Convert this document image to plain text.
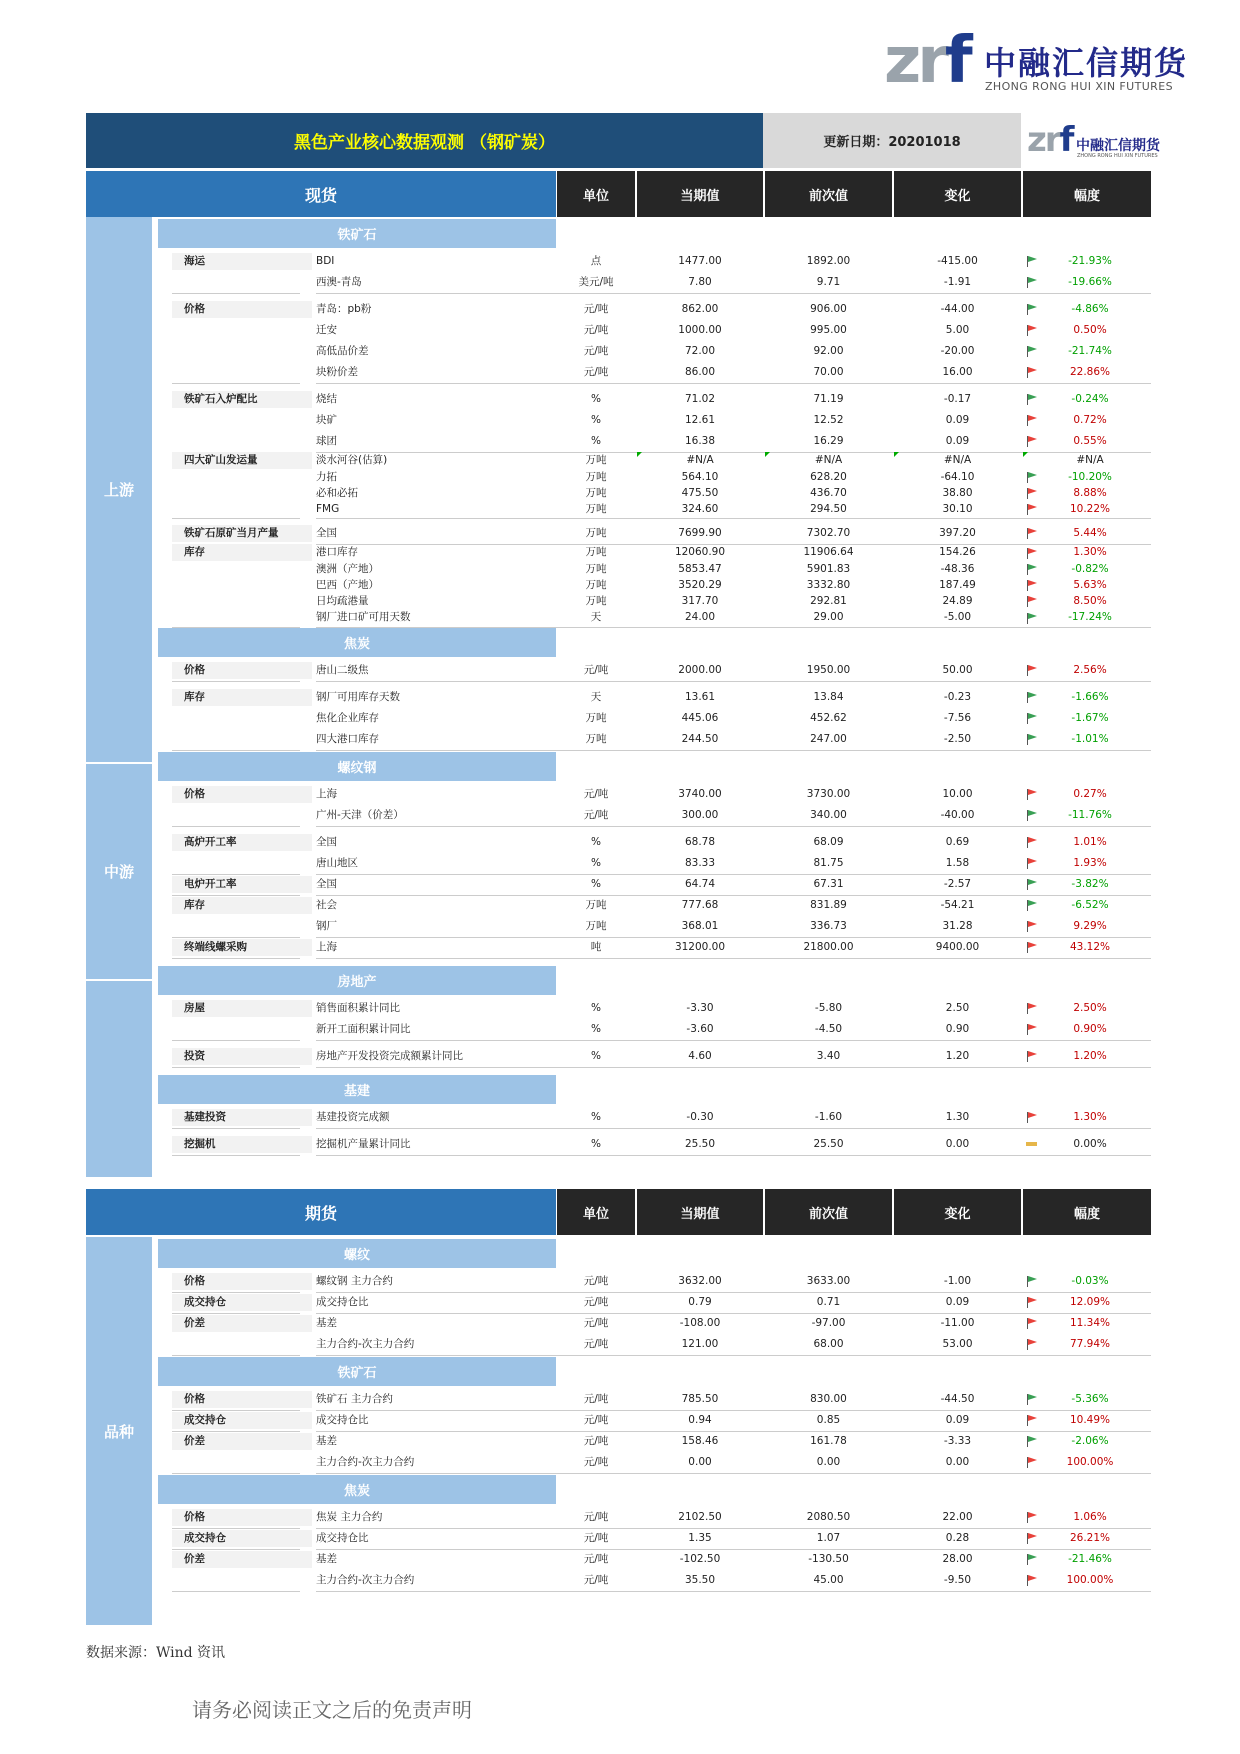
zrf 中融汇信期货
ZHONG RONG HUI XIN FUTURES
黑色产业核心数据观测 （钢矿炭）	更新日期：20201018	zrf 中融汇信期货
ZHONG RONG HUI XIN FUTURES
现货	单位	当期值	前次值	变化	幅度
上游
中游
铁矿石
海运	BDI	点	1477.00	1892.00	-415.00	-21.93%
西澳-青岛	美元/吨	7.80	9.71	-1.91	-19.66%
价格	青岛：pb粉	元/吨	862.00	906.00	-44.00	-4.86%
迁安	元/吨	1000.00	995.00	5.00	0.50%
高低品价差	元/吨	72.00	92.00	-20.00	-21.74%
块粉价差	元/吨	86.00	70.00	16.00	22.86%
铁矿石入炉配比	烧结	%	71.02	71.19	-0.17	-0.24%
块矿	%	12.61	12.52	0.09	0.72%
球团	%	16.38	16.29	0.09	0.55%
四大矿山发运量	淡水河谷(估算)	万吨	#N/A	#N/A	#N/A	#N/A
力拓	万吨	564.10	628.20	-64.10	-10.20%
必和必拓	万吨	475.50	436.70	38.80	8.88%
FMG	万吨	324.60	294.50	30.10	10.22%
铁矿石原矿当月产量	全国	万吨	7699.90	7302.70	397.20	5.44%
库存	港口库存	万吨	12060.90	11906.64	154.26	1.30%
澳洲（产地）	万吨	5853.47	5901.83	-48.36	-0.82%
巴西（产地）	万吨	3520.29	3332.80	187.49	5.63%
日均疏港量	万吨	317.70	292.81	24.89	8.50%
钢厂进口矿可用天数	天	24.00	29.00	-5.00	-17.24%
焦炭
价格	唐山二级焦	元/吨	2000.00	1950.00	50.00	2.56%
库存	钢厂可用库存天数	天	13.61	13.84	-0.23	-1.66%
焦化企业库存	万吨	445.06	452.62	-7.56	-1.67%
四大港口库存	万吨	244.50	247.00	-2.50	-1.01%
螺纹钢
价格	上海	元/吨	3740.00	3730.00	10.00	0.27%
广州-天津（价差）	元/吨	300.00	340.00	-40.00	-11.76%
高炉开工率	全国	%	68.78	68.09	0.69	1.01%
唐山地区	%	83.33	81.75	1.58	1.93%
电炉开工率	全国	%	64.74	67.31	-2.57	-3.82%
库存	社会	万吨	777.68	831.89	-54.21	-6.52%
钢厂	万吨	368.01	336.73	31.28	9.29%
终端线螺采购	上海	吨	31200.00	21800.00	9400.00	43.12%
房地产
房屋	销售面积累计同比	%	-3.30	-5.80	2.50	2.50%
新开工面积累计同比	%	-3.60	-4.50	0.90	0.90%
投资	房地产开发投资完成额累计同比	%	4.60	3.40	1.20	1.20%
基建
基建投资	基建投资完成额	%	-0.30	-1.60	1.30	1.30%
挖掘机	挖掘机产量累计同比	%	25.50	25.50	0.00	0.00%
期货	单位	当期值	前次值	变化	幅度
品种
螺纹
价格	螺纹钢 主力合约	元/吨	3632.00	3633.00	-1.00	-0.03%
成交持仓	成交持仓比	元/吨	0.79	0.71	0.09	12.09%
价差	基差	元/吨	-108.00	-97.00	-11.00	11.34%
主力合约-次主力合约	元/吨	121.00	68.00	53.00	77.94%
铁矿石
价格	铁矿石 主力合约	元/吨	785.50	830.00	-44.50	-5.36%
成交持仓	成交持仓比	元/吨	0.94	0.85	0.09	10.49%
价差	基差	元/吨	158.46	161.78	-3.33	-2.06%
主力合约-次主力合约	元/吨	0.00	0.00	0.00	100.00%
焦炭
价格	焦炭 主力合约	元/吨	2102.50	2080.50	22.00	1.06%
成交持仓	成交持仓比	元/吨	1.35	1.07	0.28	26.21%
价差	基差	元/吨	-102.50	-130.50	28.00	-21.46%
主力合约-次主力合约	元/吨	35.50	45.00	-9.50	100.00%
数据来源：Wind 资讯
请务必阅读正文之后的免责声明
